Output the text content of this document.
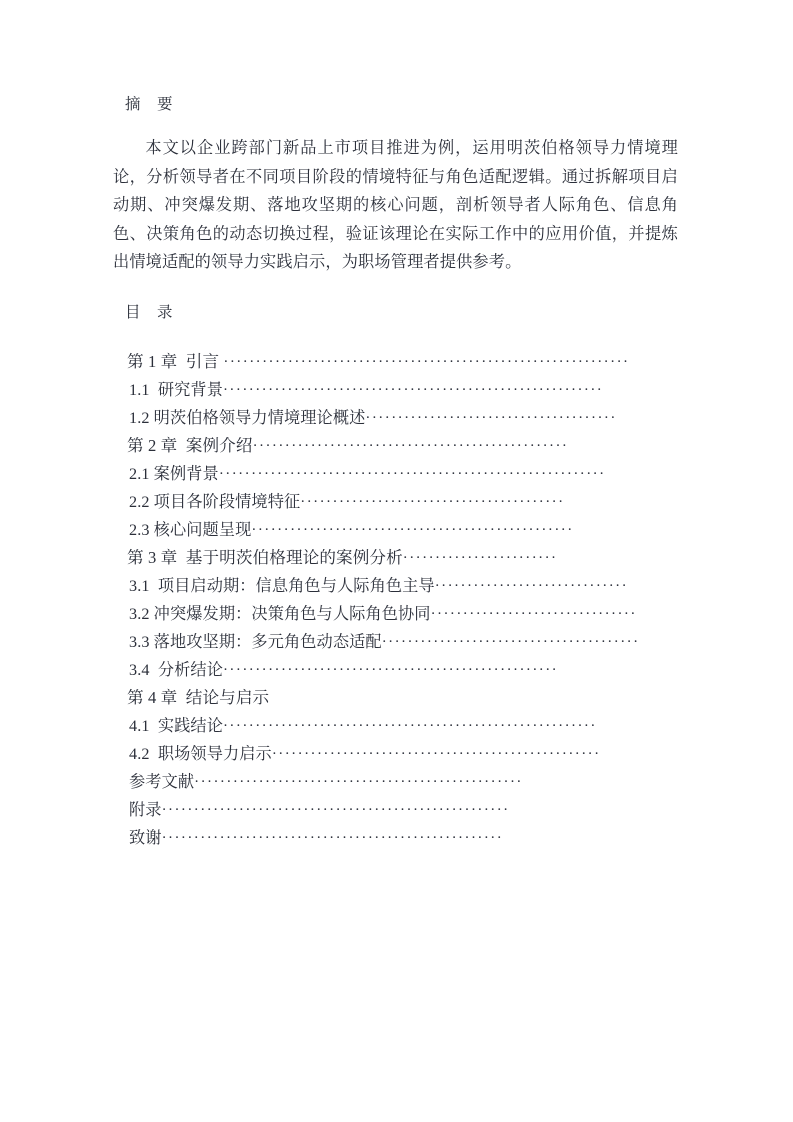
摘　要
本文以企业跨部门新品上市项目推进为例，运用明茨伯格领导力情境理论，分析领导者在不同项目阶段的情境特征与角色适配逻辑。通过拆解项目启动期、冲突爆发期、落地攻坚期的核心问题，剖析领导者人际角色、信息角色、决策角色的动态切换过程，验证该理论在实际工作中的应用价值，并提炼出情境适配的领导力实践启示，为职场管理者提供参考。
目　录
第 1 章  引言 ·······························································
1.1  研究背景···························································
1.2 明茨伯格领导力情境理论概述·······································
第 2 章  案例介绍·················································
2.1 案例背景····························································
2.2 项目各阶段情境特征·········································
2.3 核心问题呈现··················································
第 3 章  基于明茨伯格理论的案例分析························
3.1  项目启动期：信息角色与人际角色主导······························
3.2 冲突爆发期：决策角色与人际角色协同································
3.3 落地攻坚期：多元角色动态适配········································
3.4  分析结论····················································
第 4 章  结论与启示
4.1  实践结论··························································
4.2  职场领导力启示···················································
参考文献···················································
附录······················································
致谢·····················································
